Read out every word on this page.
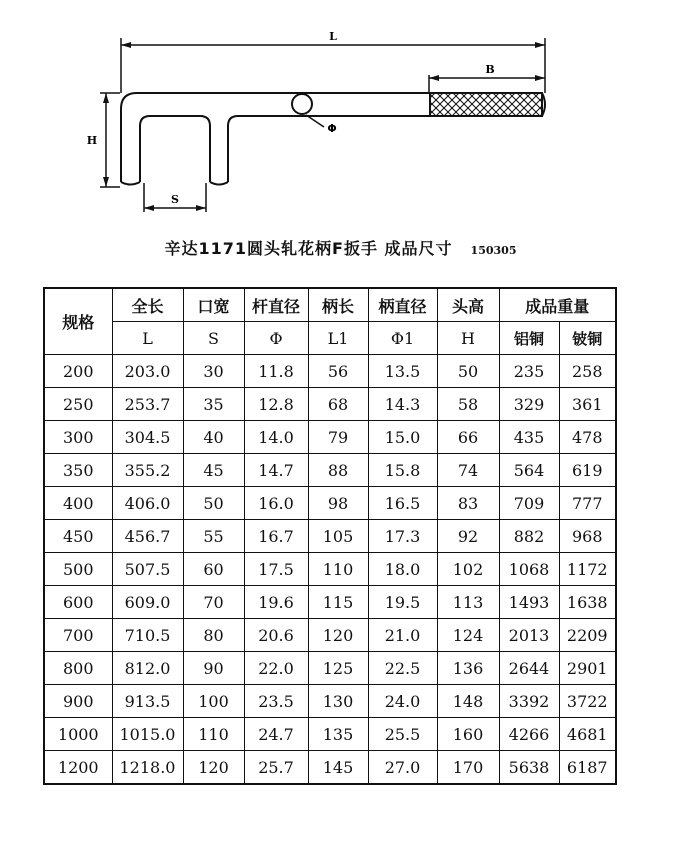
L
B
H
S
Φ
辛达1171圆头轧花柄F扳手 成品尺寸 150305
规格	全长	口宽	杆直径	柄长	柄直径	头高	成品重量	
	L	S	Φ	L1	Φ1	H	铝铜	铍铜
200	203.0	30	11.8	56	13.5	50	235	258
250	253.7	35	12.8	68	14.3	58	329	361
300	304.5	40	14.0	79	15.0	66	435	478
350	355.2	45	14.7	88	15.8	74	564	619
400	406.0	50	16.0	98	16.5	83	709	777
450	456.7	55	16.7	105	17.3	92	882	968
500	507.5	60	17.5	110	18.0	102	1068	1172
600	609.0	70	19.6	115	19.5	113	1493	1638
700	710.5	80	20.6	120	21.0	124	2013	2209
800	812.0	90	22.0	125	22.5	136	2644	2901
900	913.5	100	23.5	130	24.0	148	3392	3722
1000	1015.0	110	24.7	135	25.5	160	4266	4681
1200	1218.0	120	25.7	145	27.0	170	5638	6187
